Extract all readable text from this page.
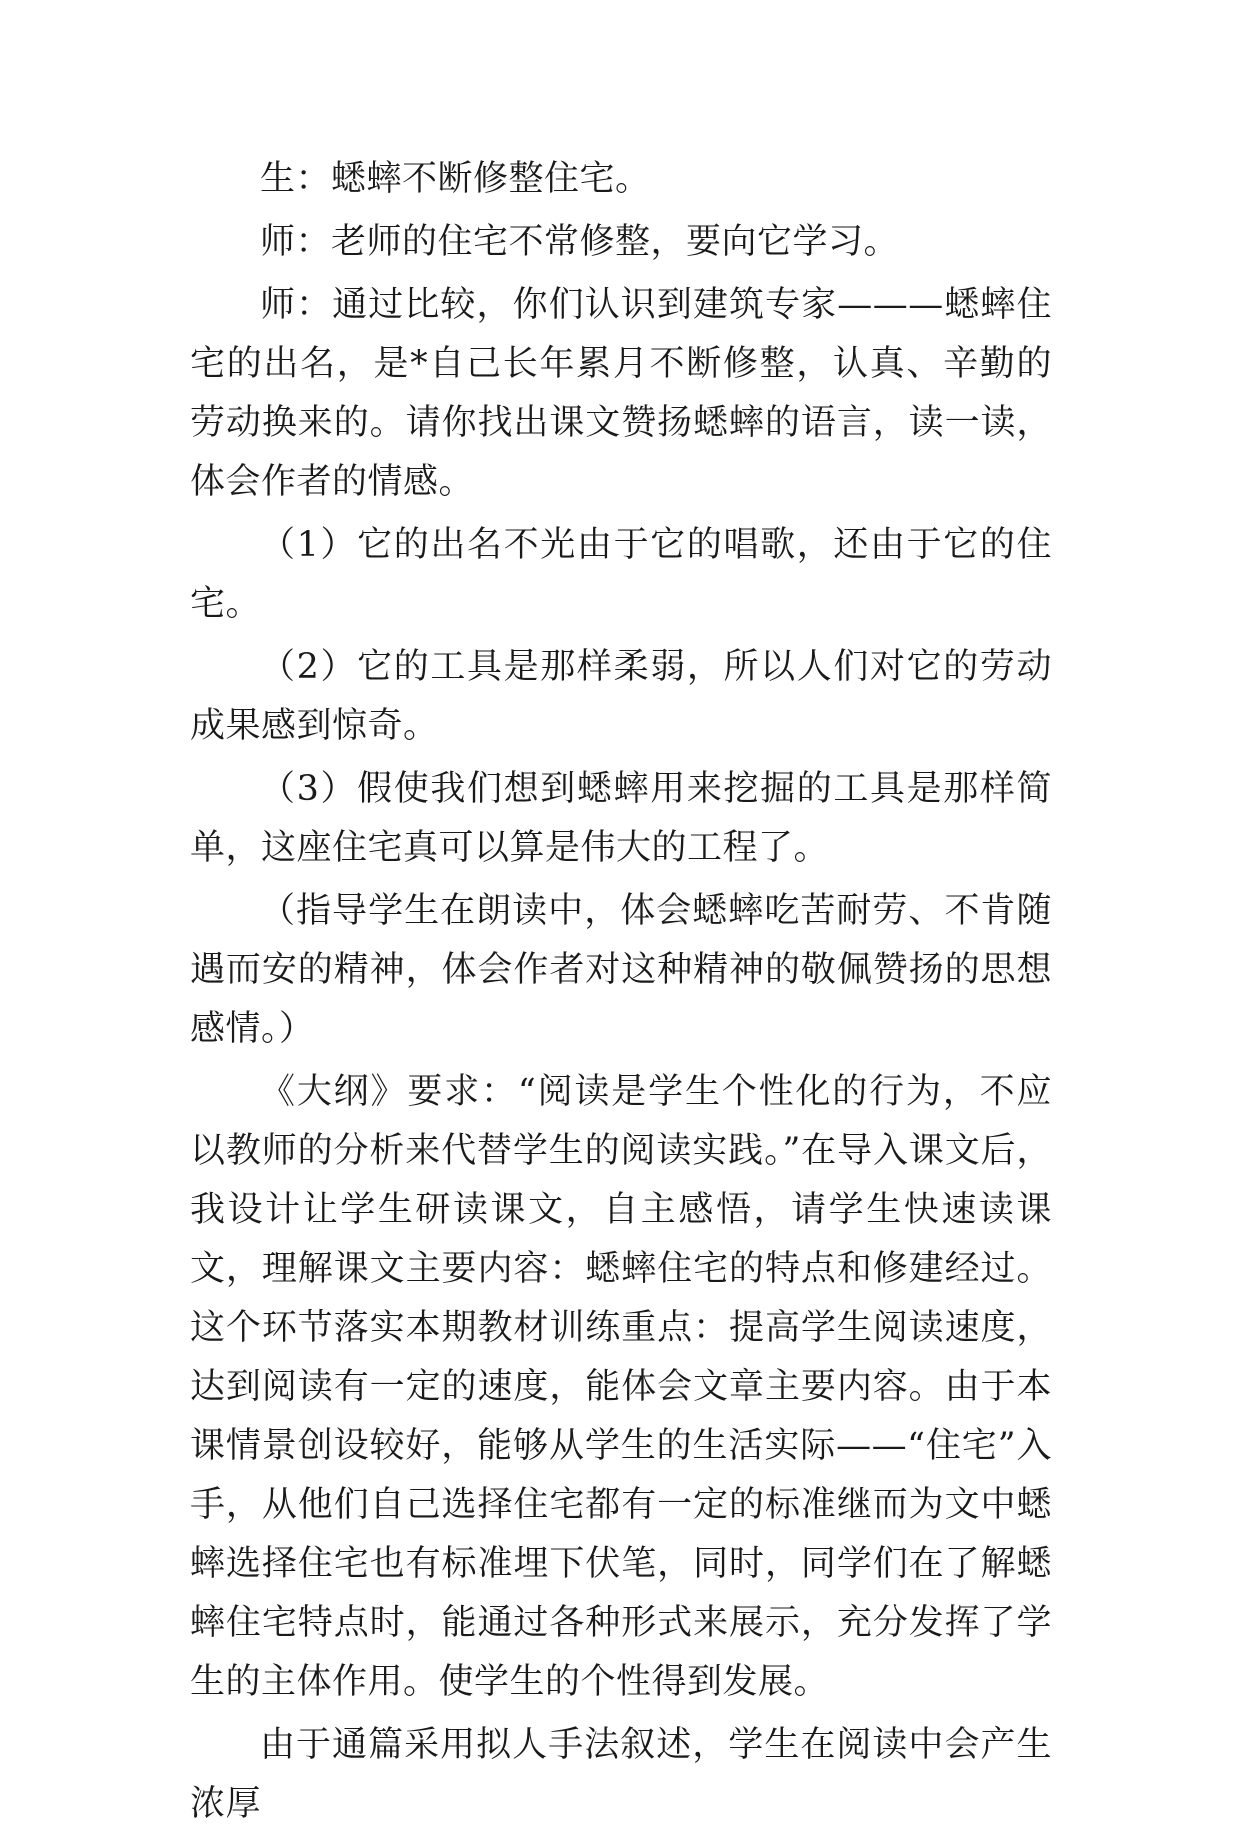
生：蟋蟀不断修整住宅。

师：老师的住宅不常修整，要向它学习。

师：通过比较，你们认识到建筑专家———蟋蟀住宅的出名，是*自己长年累月不断修整，认真、辛勤的劳动换来的。请你找出课文赞扬蟋蟀的语言，读一读，体会作者的情感。

（1）它的出名不光由于它的唱歌，还由于它的住宅。

（2）它的工具是那样柔弱，所以人们对它的劳动成果感到惊奇。

（3）假使我们想到蟋蟀用来挖掘的工具是那样简单，这座住宅真可以算是伟大的工程了。

（指导学生在朗读中，体会蟋蟀吃苦耐劳、不肯随遇而安的精神，体会作者对这种精神的敬佩赞扬的思想感情。）

《大纲》要求：“阅读是学生个性化的行为，不应以教师的分析来代替学生的阅读实践。”在导入课文后，我设计让学生研读课文，自主感悟，请学生快速读课文，理解课文主要内容：蟋蟀住宅的特点和修建经过。这个环节落实本期教材训练重点：提高学生阅读速度，达到阅读有一定的速度，能体会文章主要内容。由于本课情景创设较好，能够从学生的生活实际——“住宅”入手，从他们自己选择住宅都有一定的标准继而为文中蟋蟀选择住宅也有标准埋下伏笔，同时，同学们在了解蟋蟀住宅特点时，能通过各种形式来展示，充分发挥了学生的主体作用。使学生的个性得到发展。

由于通篇采用拟人手法叙述，学生在阅读中会产生浓厚
